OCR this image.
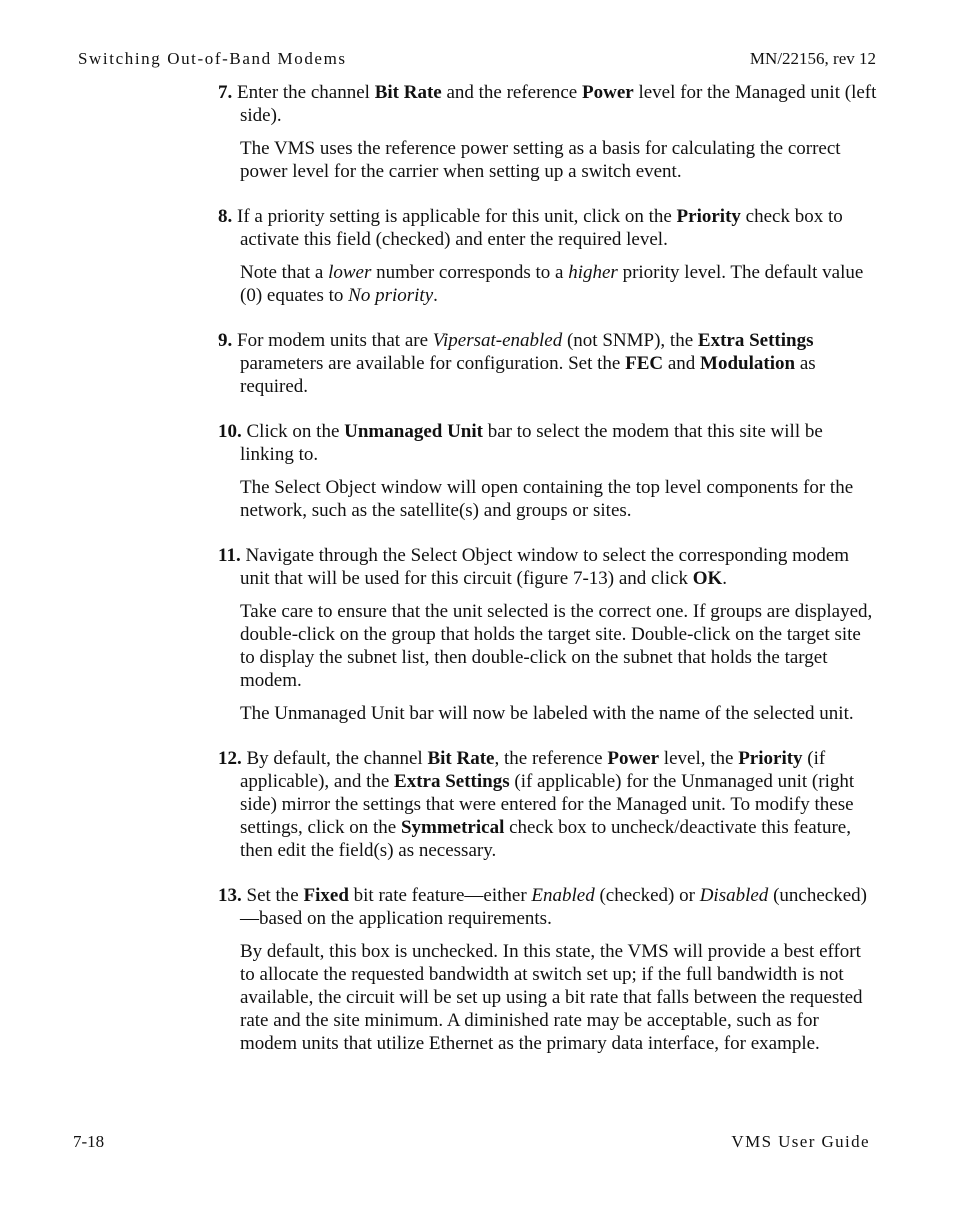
Switching Out-of-Band Modems	MN/22156, rev 12

7. Enter the channel Bit Rate and the reference Power level for the Managed unit (left side).

The VMS uses the reference power setting as a basis for calculating the correct power level for the carrier when setting up a switch event.

8. If a priority setting is applicable for this unit, click on the Priority check box to activate this field (checked) and enter the required level.

Note that a lower number corresponds to a higher priority level. The default value (0) equates to No priority.

9. For modem units that are Vipersat-enabled (not SNMP), the Extra Settings parameters are available for configuration. Set the FEC and Modulation as required.

10. Click on the Unmanaged Unit bar to select the modem that this site will be linking to.

The Select Object window will open containing the top level components for the network, such as the satellite(s) and groups or sites.

11. Navigate through the Select Object window to select the corresponding modem unit that will be used for this circuit (figure 7-13) and click OK.

Take care to ensure that the unit selected is the correct one. If groups are displayed, double-click on the group that holds the target site. Double-click on the target site to display the subnet list, then double-click on the subnet that holds the target modem.

The Unmanaged Unit bar will now be labeled with the name of the selected unit.

12. By default, the channel Bit Rate, the reference Power level, the Priority (if applicable), and the Extra Settings (if applicable) for the Unmanaged unit (right side) mirror the settings that were entered for the Managed unit. To modify these settings, click on the Symmetrical check box to uncheck/deactivate this feature, then edit the field(s) as necessary.

13. Set the Fixed bit rate feature—either Enabled (checked) or Disabled (unchecked)—based on the application requirements.

By default, this box is unchecked. In this state, the VMS will provide a best effort to allocate the requested bandwidth at switch set up; if the full bandwidth is not available, the circuit will be set up using a bit rate that falls between the requested rate and the site minimum. A diminished rate may be acceptable, such as for modem units that utilize Ethernet as the primary data interface, for example.

7-18	VMS User Guide
